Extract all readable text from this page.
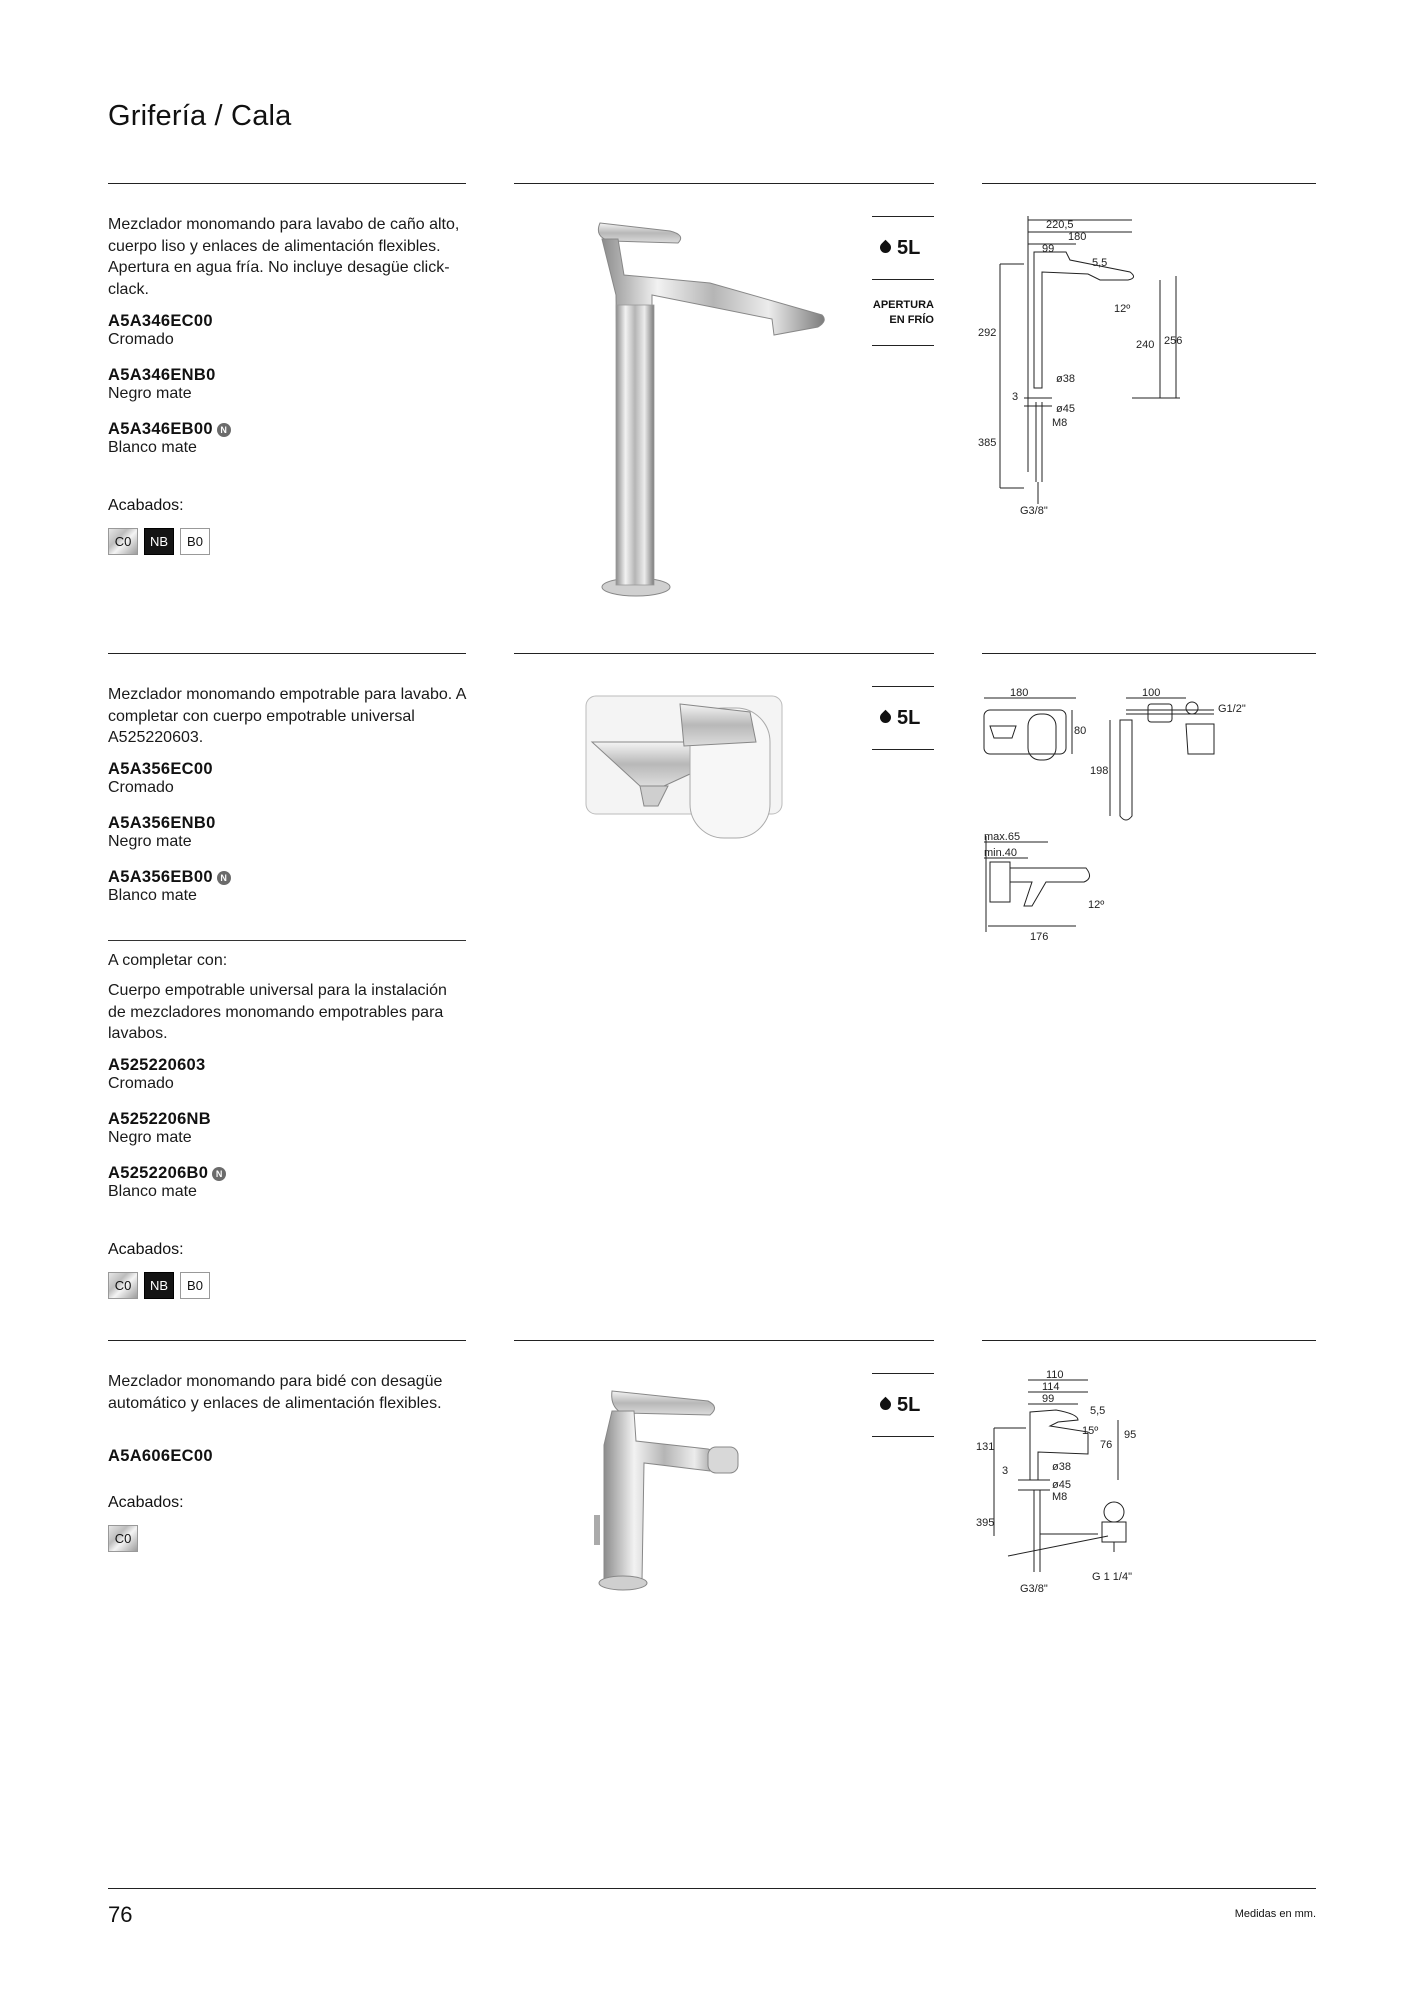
Grifería / Cala
Mezclador monomando para lavabo de caño alto, cuerpo liso y enlaces de alimentación flexibles. Apertura en agua fría. No incluye desagüe click-clack.
A5A346EC00
Cromado
A5A346ENB0
Negro mate
A5A346EB00 N
Blanco mate
Acabados:
C0	NB	B0
5L
APERTURA
EN FRÍO
220,5
180
99
5,5
12º
292
240 256
3
ø38
ø45
M8
385
G3/8"
Mezclador monomando empotrable para lavabo. A completar con cuerpo empotrable universal A525220603.
A5A356EC00
Cromado
A5A356ENB0
Negro mate
A5A356EB00 N
Blanco mate
A completar con:
Cuerpo empotrable universal para la instalación de mezcladores monomando empotrables para lavabos.
A525220603
Cromado
A5252206NB
Negro mate
A5252206B0 N
Blanco mate
Acabados:
C0	NB	B0
5L
180
80
100
G1/2"
198
max.65
min.40
12º
176
Mezclador monomando para bidé con desagüe automático y enlaces de alimentación flexibles.
A5A606EC00
Acabados:
C0
5L
110
114
99
5,5
15º
131	76
95
3	ø38
ø45
M8
395
G3/8"
G 1 1/4"
76	Medidas en mm.
